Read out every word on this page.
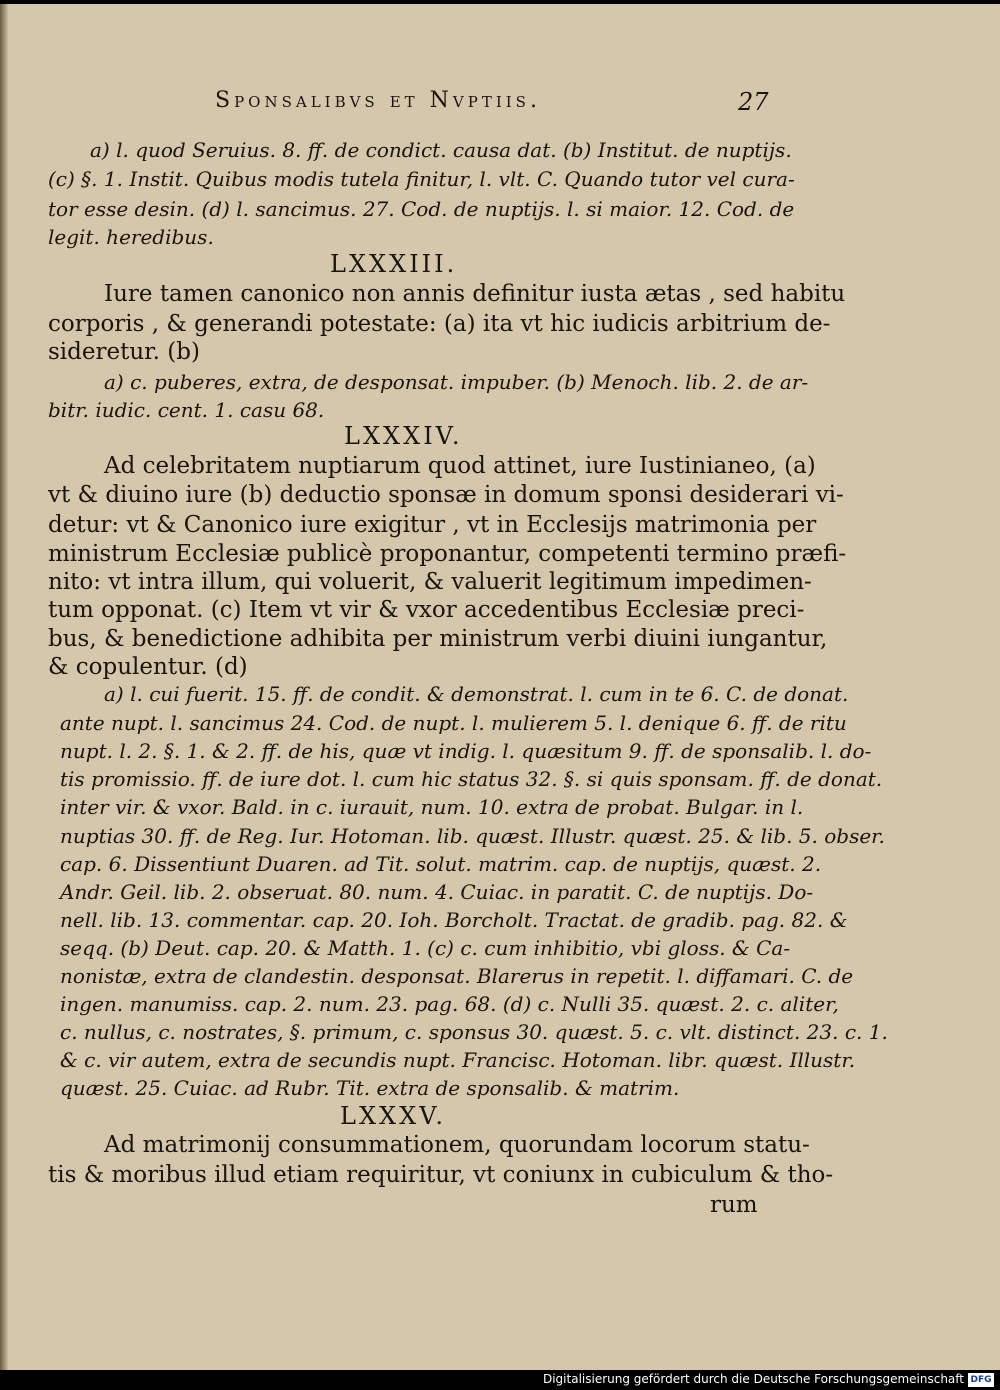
Sponsalibvs et Nvptiis.	27
a) l. quod Seruius. 8. ff. de condict. causa dat. (b) Institut. de nuptijs.
(c) §. 1. Instit. Quibus modis tutela finitur, l. vlt. C. Quando tutor vel cura-
tor esse desin. (d) l. sancimus. 27. Cod. de nuptijs. l. si maior. 12. Cod. de
legit. heredibus.
LXXXIII.
Iure tamen canonico non annis definitur iusta ætas , sed habitu
corporis , & generandi potestate: (a) ita vt hic iudicis arbitrium de-
sideretur. (b)
a) c. puberes, extra, de desponsat. impuber. (b) Menoch. lib. 2. de ar-
bitr. iudic. cent. 1. casu 68.
LXXXIV.
Ad celebritatem nuptiarum quod attinet, iure Iustinianeo, (a)
vt & diuino iure (b) deductio sponsæ in domum sponsi desiderari vi-
detur: vt & Canonico iure exigitur , vt in Ecclesijs matrimonia per
ministrum Ecclesiæ publicè proponantur, competenti termino præfi-
nito: vt intra illum, qui voluerit, & valuerit legitimum impedimen-
tum opponat. (c) Item vt vir & vxor accedentibus Ecclesiæ preci-
bus, & benedictione adhibita per ministrum verbi diuini iungantur,
& copulentur. (d)
a) l. cui fuerit. 15. ff. de condit. & demonstrat. l. cum in te 6. C. de donat.
ante nupt. l. sancimus 24. Cod. de nupt. l. mulierem 5. l. denique 6. ff. de ritu
nupt. l. 2. §. 1. & 2. ff. de his, quæ vt indig. l. quæsitum 9. ff. de sponsalib. l. do-
tis promissio. ff. de iure dot. l. cum hic status 32. §. si quis sponsam. ff. de donat.
inter vir. & vxor. Bald. in c. iurauit, num. 10. extra de probat. Bulgar. in l.
nuptias 30. ff. de Reg. Iur. Hotoman. lib. quæst. Illustr. quæst. 25. & lib. 5. obser.
cap. 6. Dissentiunt Duaren. ad Tit. solut. matrim. cap. de nuptijs, quæst. 2.
Andr. Geil. lib. 2. obseruat. 80. num. 4. Cuiac. in paratit. C. de nuptijs. Do-
nell. lib. 13. commentar. cap. 20. Ioh. Borcholt. Tractat. de gradib. pag. 82. &
seqq. (b) Deut. cap. 20. & Matth. 1. (c) c. cum inhibitio, vbi gloss. & Ca-
nonistæ, extra de clandestin. desponsat. Blarerus in repetit. l. diffamari. C. de
ingen. manumiss. cap. 2. num. 23. pag. 68. (d) c. Nulli 35. quæst. 2. c. aliter,
c. nullus, c. nostrates, §. primum, c. sponsus 30. quæst. 5. c. vlt. distinct. 23. c. 1.
& c. vir autem, extra de secundis nupt. Francisc. Hotoman. libr. quæst. Illustr.
quæst. 25. Cuiac. ad Rubr. Tit. extra de sponsalib. & matrim.
LXXXV.
Ad matrimonij consummationem, quorundam locorum statu-
tis & moribus illud etiam requiritur, vt coniunx in cubiculum & tho-
rum
Digitalisierung gefördert durch die Deutsche Forschungsgemeinschaft DFG
